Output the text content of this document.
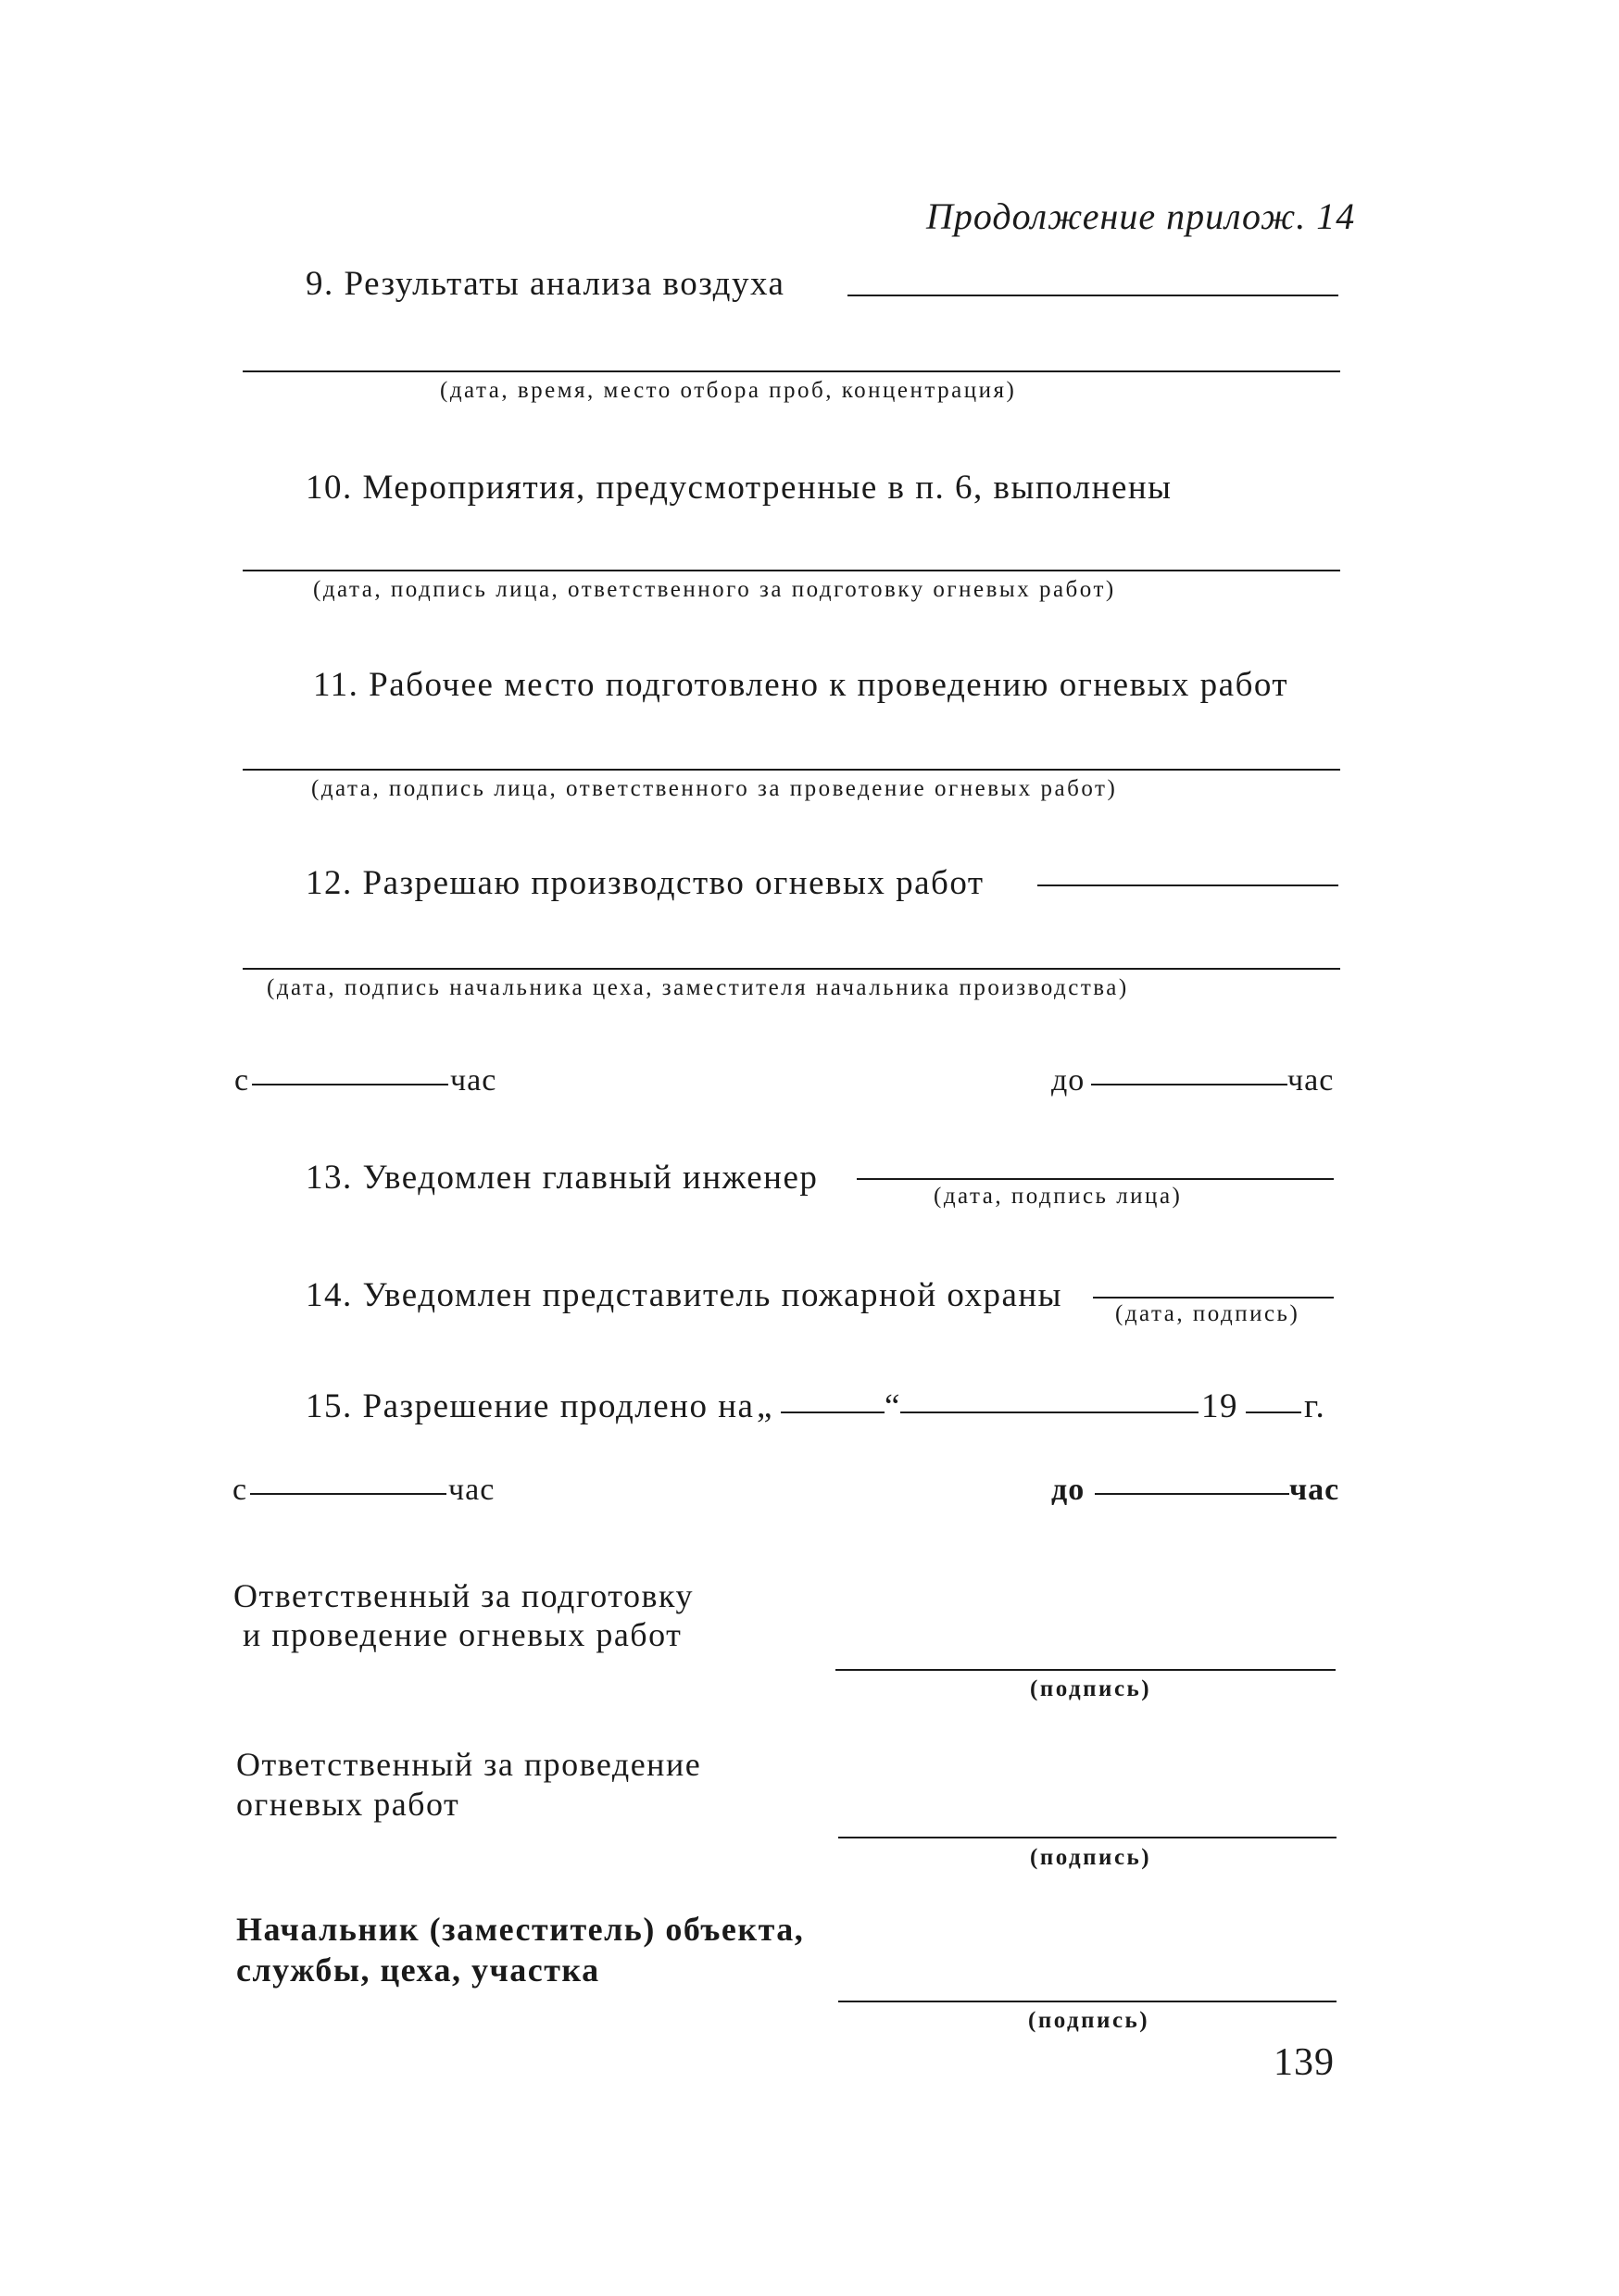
Продолжение прилож. 14
9. Результаты анализа воздуха
(дата, время, место отбора проб, концентрация)
10. Мероприятия, предусмотренные в п. 6, выполнены
(дата, подпись лица, ответственного за подготовку огневых работ)
11. Рабочее место подготовлено к проведению огневых работ
(дата, подпись лица, ответственного за проведение огневых работ)
12. Разрешаю производство огневых работ
(дата, подпись начальника цеха, заместителя начальника производства)
с	час	до	час
13. Уведомлен главный инженер	(дата, подпись лица)
14. Уведомлен представитель пожарной охраны (дата, подпись)
15. Разрешение продлено на „	“	19 г.
с	час	до	час
Ответственный за подготовку
и проведение огневых работ
(подпись)
Ответственный за проведение
огневых работ
(подпись)
Начальник (заместитель) объекта,
службы, цеха, участка
(подпись)
139
